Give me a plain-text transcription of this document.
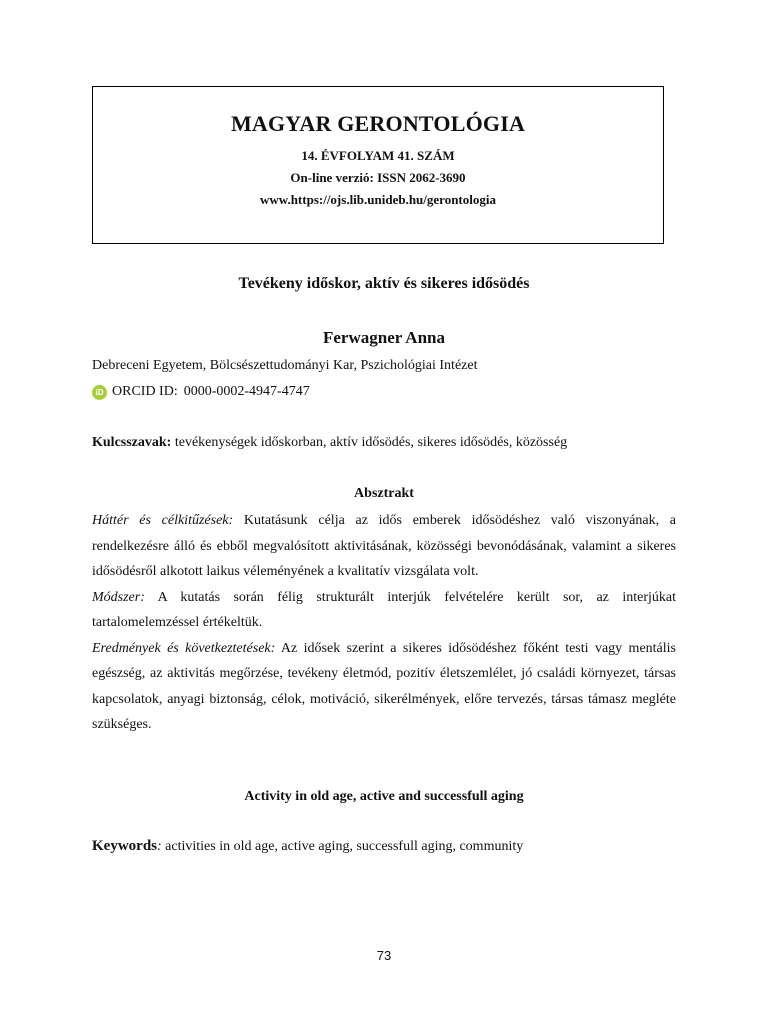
MAGYAR GERONTOLÓGIA
14. ÉVFOLYAM 41. SZÁM
On-line verzió: ISSN 2062-3690
www.https://ojs.lib.unideb.hu/gerontologia
Tevékeny időskor, aktív és sikeres idősödés
Ferwagner Anna
Debreceni Egyetem, Bölcsészettudományi Kar, Pszichológiai Intézet
iD ORCID ID: 0000-0002-4947-4747
Kulcsszavak: tevékenységek időskorban, aktív idősödés, sikeres idősödés, közösség
Absztrakt

Háttér és célkitűzések: Kutatásunk célja az idős emberek idősödéshez való viszonyának, a rendelkezésre álló és ebből megvalósított aktivitásának, közösségi bevonódásának, valamint a sikeres idősödésről alkotott laikus véleményének a kvalitatív vizsgálata volt.

Módszer: A kutatás során félig strukturált interjúk felvételére került sor, az interjúkat tartalomelemzéssel értékeltük.

Eredmények és következtetések: Az idősek szerint a sikeres idősödéshez főként testi vagy mentális egészség, az aktivitás megőrzése, tevékeny életmód, pozitív életszemlélet, jó családi környezet, társas kapcsolatok, anyagi biztonság, célok, motiváció, sikerélmények, előre tervezés, társas támasz megléte szükséges.

Activity in old age, active and successfull aging
Keywords: activities in old age, active aging, successfull aging, community
73
